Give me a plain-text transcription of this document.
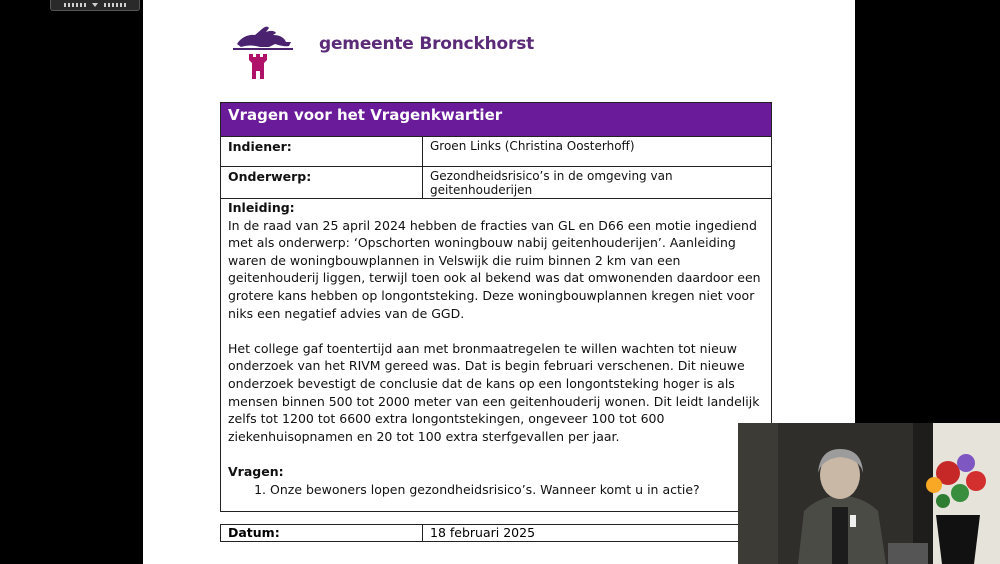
gemeente Bronckhorst
Vragen voor het Vragenkwartier
Indiener:	Groen Links (Christina Oosterhoff)
Onderwerp:	Gezondheidsrisico’s in de omgeving van geitenhouderijen
Inleiding:

In de raad van 25 april 2024 hebben de fracties van GL en D66 een motie ingediend met als onderwerp: ‘Opschorten woningbouw nabij geitenhouderijen’. Aanleiding waren de woningbouwplannen in Velswijk die ruim binnen 2 km van een geitenhouderij liggen, terwijl toen ook al bekend was dat omwonenden daardoor een grotere kans hebben op longontsteking. Deze woningbouwplannen kregen niet voor niks een negatief advies van de GGD.

Het college gaf toentertijd aan met bronmaatregelen te willen wachten tot nieuw onderzoek van het RIVM gereed was. Dat is begin februari verschenen. Dit nieuwe onderzoek bevestigt de conclusie dat de kans op een longontsteking hoger is als mensen binnen 500 tot 2000 meter van een geitenhouderij wonen. Dit leidt landelijk zelfs tot 1200 tot 6600 extra longontstekingen, ongeveer 100 tot 600 ziekenhuisopnamen en 20 tot 100 extra sterfgevallen per jaar.

Vragen:
1. Onze bewoners lopen gezondheidsrisico’s. Wanneer komt u in actie?
Datum:	18 februari 2025
